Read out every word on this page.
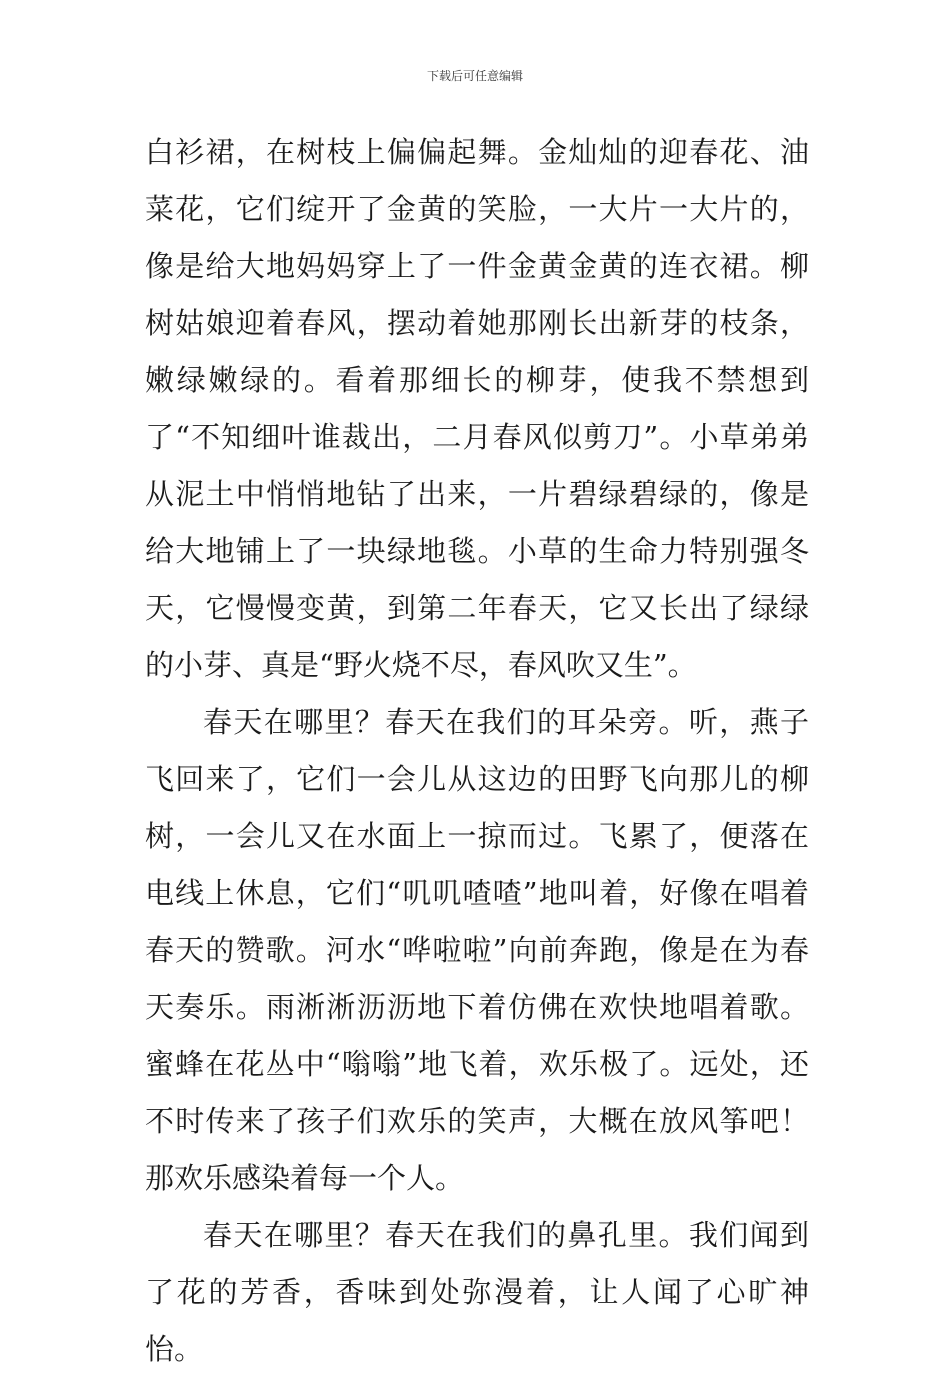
下载后可任意编辑

白衫裙，在树枝上偏偏起舞。金灿灿的迎春花、油菜花，它们绽开了金黄的笑脸，一大片一大片的，像是给大地妈妈穿上了一件金黄金黄的连衣裙。柳树姑娘迎着春风，摆动着她那刚长出新芽的枝条，嫩绿嫩绿的。看着那细长的柳芽，使我不禁想到了“不知细叶谁裁出，二月春风似剪刀”。小草弟弟从泥土中悄悄地钻了出来，一片碧绿碧绿的，像是给大地铺上了一块绿地毯。小草的生命力特别强冬天，它慢慢变黄，到第二年春天，它又长出了绿绿的小芽、真是“野火烧不尽，春风吹又生”。

春天在哪里？春天在我们的耳朵旁。听，燕子飞回来了，它们一会儿从这边的田野飞向那儿的柳树，一会儿又在水面上一掠而过。飞累了，便落在电线上休息，它们“叽叽喳喳”地叫着，好像在唱着春天的赞歌。河水“哗啦啦”向前奔跑，像是在为春天奏乐。雨淅淅沥沥地下着仿佛在欢快地唱着歌。蜜蜂在花丛中“嗡嗡”地飞着，欢乐极了。远处，还不时传来了孩子们欢乐的笑声，大概在放风筝吧！那欢乐感染着每一个人。

春天在哪里？春天在我们的鼻孔里。我们闻到了花的芳香，香味到处弥漫着，让人闻了心旷神怡。
